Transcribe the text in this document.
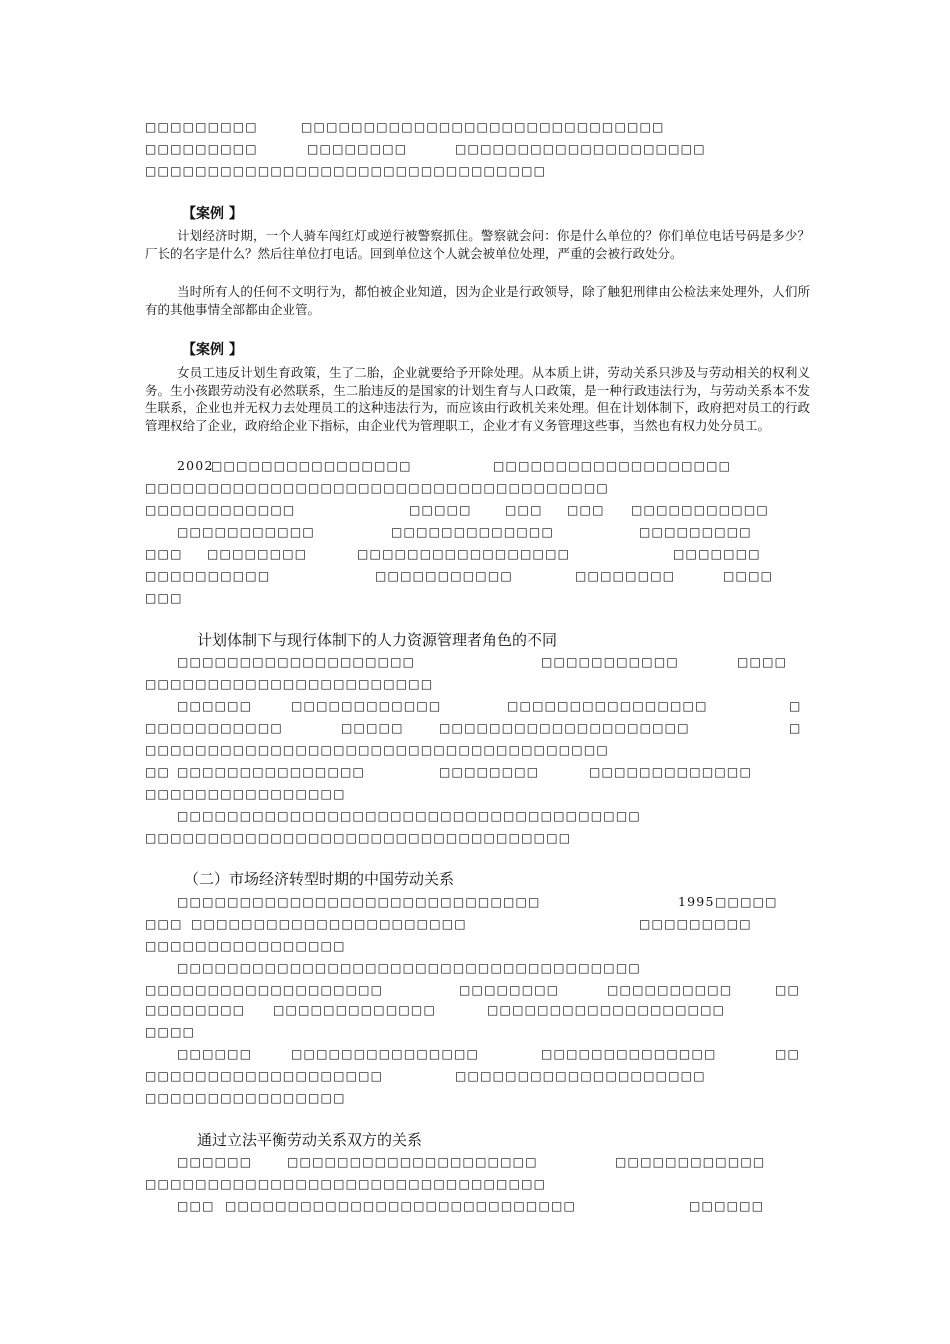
□□□□□□□□□	□□□□□□□□□□□□□□□□□□□□□□□□□□□□□
□□□□□□□□□	□□□□□□□□	□□□□□□□□□□□□□□□□□□□□
□□□□□□□□□□□□□□□□□□□□□□□□□□□□□□□□
【案例 】
计划经济时期，一个人骑车闯红灯或逆行被警察抓住。警察就会问：你是什么单位的？你们单位电话号码是多少？厂长的名字是什么？然后往单位打电话。回到单位这个人就会被单位处理，严重的会被行政处分。
当时所有人的任何不文明行为，都怕被企业知道，因为企业是行政领导，除了触犯刑律由公检法来处理外，人们所有的其他事情全部都由企业管。
【案例 】
女员工违反计划生育政策，生了二胎，企业就要给予开除处理。从本质上讲，劳动关系只涉及与劳动相关的权利义务。生小孩跟劳动没有必然联系，生二胎违反的是国家的计划生育与人口政策，是一种行政违法行为，与劳动关系本不发生联系，企业也并无权力去处理员工的这种违法行为，而应该由行政机关来处理。但在计划体制下，政府把对员工的行政管理权给了企业，政府给企业下指标，由企业代为管理职工，企业才有义务管理这些事，当然也有权力处分员工。
2002
□□□□□□□□□□□□□□□□	□□□□□□□□□□□□□□□□□□□
□□□□□□□□□□□□□□□□□□□□□□□□□□□□□□□□□□□□□
□□□□□□□□□□□□	□□□□□	□□□ □□□ □□□□□□□□□□□
□□□□□□□□□□□	□□□□□□□□□□□□□	□□□□□□□□□
□□□ □□□□□□□□	□□□□□□□□□□□□□□□□□	□□□□□□□
□□□□□□□□□□	□□□□□□□□□□□	□□□□□□□□	□□□□
□□□
计划体制下与现行体制下的人力资源管理者角色的不同
□□□□□□□□□□□□□□□□□□□	□□□□□□□□□□□	□□□□
□□□□□□□□□□□□□□□□□□□□□□□
□□□□□□	□□□□□□□□□□□□	□□□□□□□□□□□□□□□□	□
□□□□□□□□□□□	□□□□□	□□□□□□□□□□□□□□□□□□□□	□
□□□□□□□□□□□□□□□□□□□□□□□□□□□□□□□□□□□□□
□□ □□□□□□□□□□□□□□□	□□□□□□□□	□□□□□□□□□□□□□
□□□□□□□□□□□□□□□□
□□□□□□□□□□□□□□□□□□□□□□□□□□□□□□□□□□□□□
□□□□□□□□□□□□□□□□□□□□□□□□□□□□□□□□□□
（二）市场经济转型时期的中国劳动关系
□□□□□□□□□□□□□□□□□□□□□□□□□□□□□	1995 □□□□□
□□□ □□□□□□□□□□□□□□□□□□□□□□	□□□□□□□□□
□□□□□□□□□□□□□□□□
□□□□□□□□□□□□□□□□□□□□□□□□□□□□□□□□□□□□□
□□□□□□□□□□□□□□□□□□□	□□□□□□□□	□□□□□□□□□□	□□
□□□□□□□□ □□□□□□□□□□□□□	□□□□□□□□□□□□□□□□□□□
□□□□
□□□□□□	□□□□□□□□□□□□□□□	□□□□□□□□□□□□□□	□□
□□□□□□□□□□□□□□□□□□□	□□□□□□□□□□□□□□□□□□□□
□□□□□□□□□□□□□□□□
通过立法平衡劳动关系双方的关系
□□□□□□	□□□□□□□□□□□□□□□□□□□□	□□□□□□□□□□□□
□□□□□□□□□□□□□□□□□□□□□□□□□□□□□□□□
□□□ □□□□□□□□□□□□□□□□□□□□□□□□□□□□	□□□□□□
